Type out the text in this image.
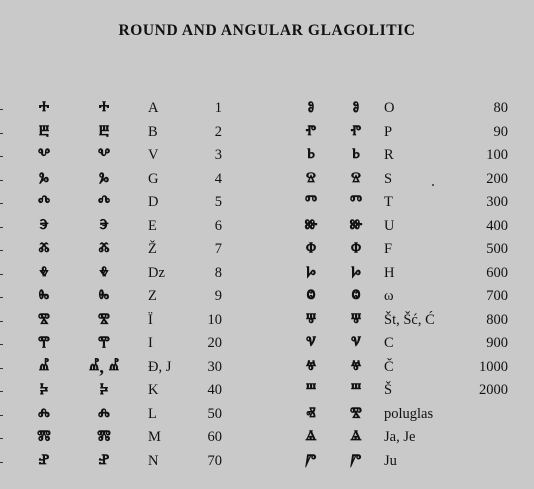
ROUND AND ANGULAR GLAGOLITIC
ⰰ	ⰰ	A	1	ⱁ	ⱁ	O	80
ⰱ	ⰱ	B	2	ⱂ	ⱂ	P	90
ⰲ	ⰲ	V	3	ⱃ	ⱃ	R	100
ⰳ	ⰳ	G	4	ⱄ	ⱄ	S	200
ⰴ	ⰴ	D	5	ⱅ	ⱅ	T	300
ⰵ	ⰵ	E	6	ⱆ	ⱆ	U	400
ⰶ	ⰶ	Ž	7	ⱇ	ⱇ	F	500
ⰷ	ⰷ	Dz	8	ⱈ	ⱈ	H	600
ⰸ	ⰸ	Z	9	ⱉ	ⱉ	ω	700
ⰺ	ⰺ	Ï	10	ⱋ	ⱋ	Št, Šć, Ć	800
ⰹ	ⰹ	I	20	ⱌ	ⱌ	C	900
ⰼ	ⰼ, ⰼ	Đ, J	30	ⱍ	ⱍ	Č	1000
ⰽ	ⰽ	K	40	ⱎ	ⱎ	Š	2000
ⰾ	ⰾ	L	50	ⱏ	ⰺ	poluglas
ⰿ	ⰿ	M	60	ⱑ	ⱑ	Ja, Je
ⱀ	ⱀ	N	70	ⱓ	ⱓ	Ju
